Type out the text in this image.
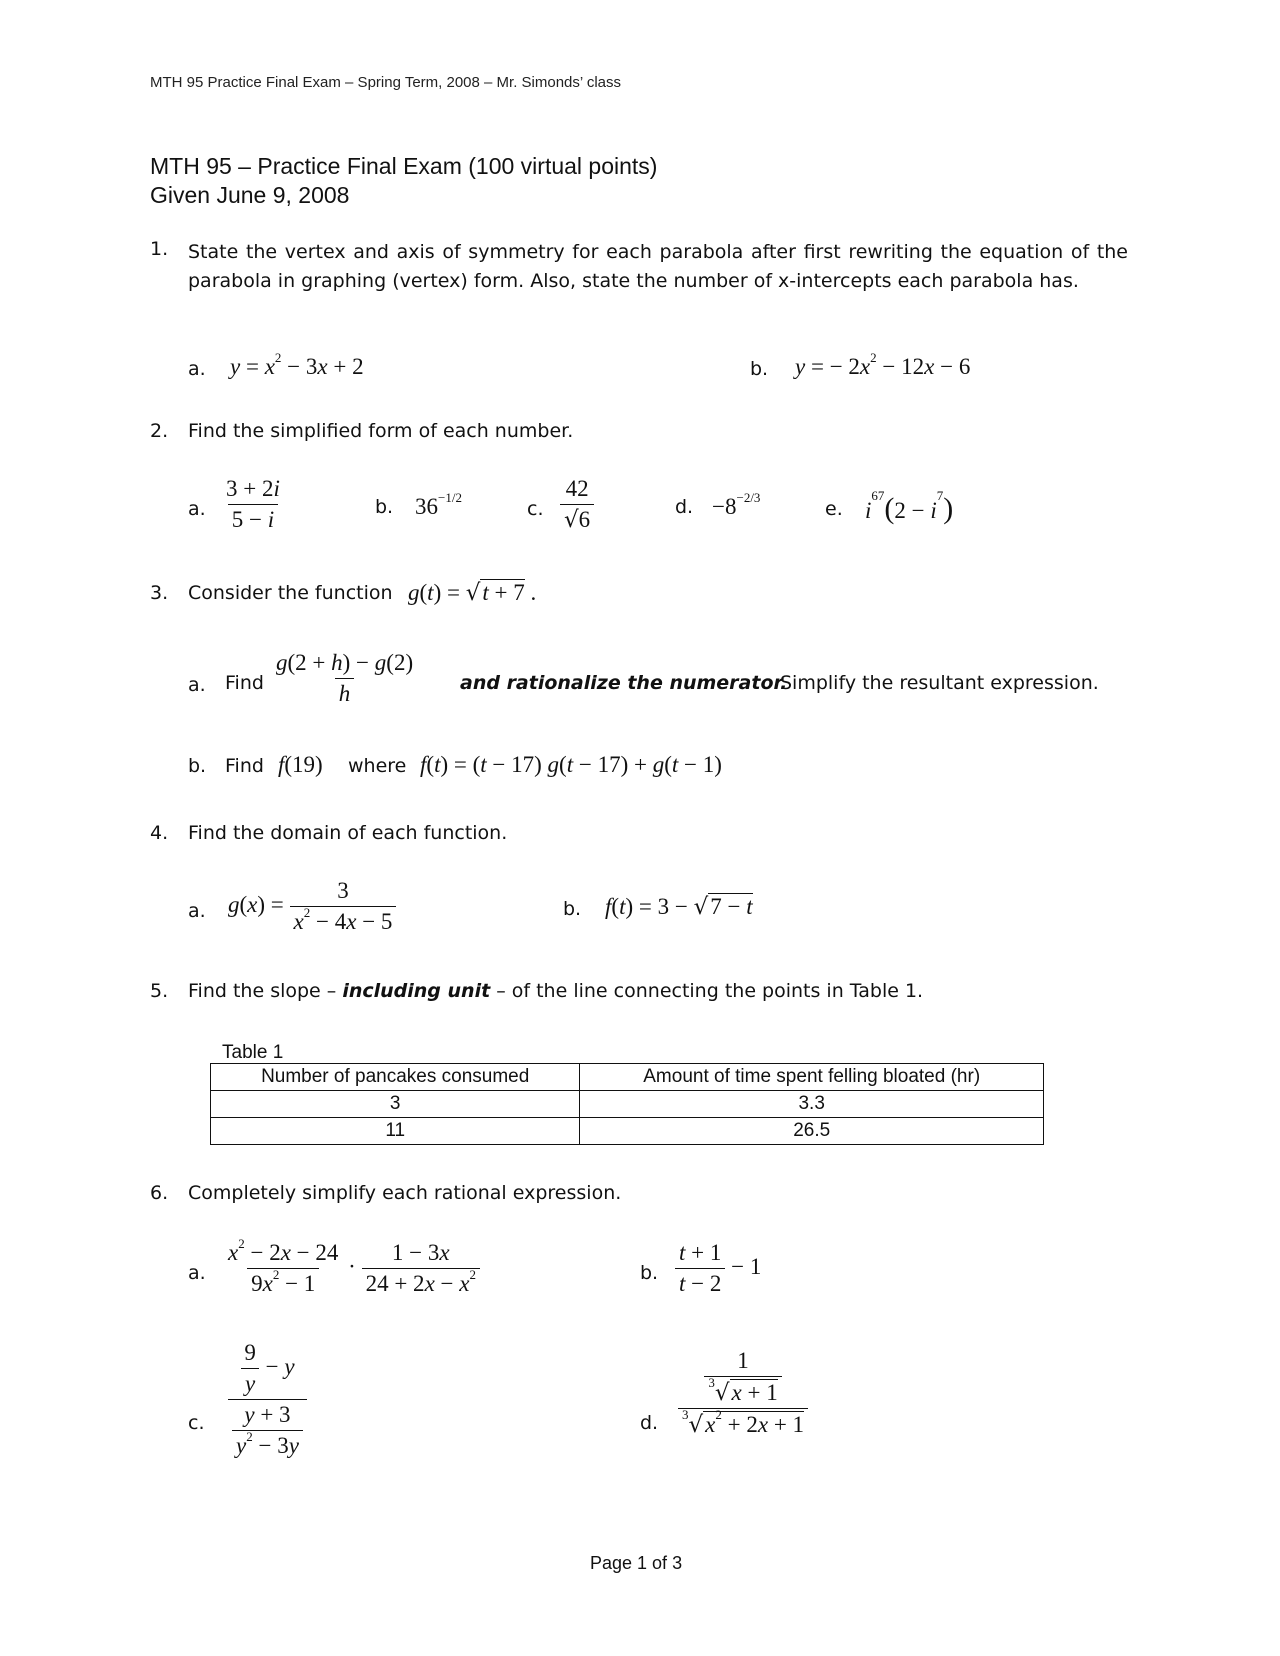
MTH 95 Practice Final Exam – Spring Term, 2008 – Mr. Simonds’ class
MTH 95 – Practice Final Exam (100 virtual points)
Given June 9, 2008
1. State the vertex and axis of symmetry for each parabola after first rewriting the equation of the parabola in graphing (vertex) form. Also, state the number of x-intercepts each parabola has.
a. $y = x^2 - 3x + 2$	b. y = − $2x^2 - 12x - 6$
2. Find the simplified form of each number.
a. $\frac{3 + 2i}{5 - i}$	b. $36^{-1/2}$
c. $\frac{42}{√6}$	d. $-8^{-2/3}$
e. $i^{67}(2 - i^7)$
3. Consider the function g(t) = √t + 7 .
a. Find $\frac{g(2 + h) - g(2)}{h}$ and rationalize the numerator.
Simplify the resultant expression.
b. Find f(19) where f(t) = (t − 17) g(t − 17) + g(t − 1)
4. Find the domain of each function.
a. $g(x) = \frac{3}{x^2 - 4x - 5}$	b. f(t) = 3 − √7 − t
5. Find the slope – including unit – of the line connecting the points in Table 1.
Table 1
Number of pancakes consumed	Amount of time spent felling bloated (hr)
3	3.3
11	26.5
6. Completely simplify each rational expression.
a. $\frac{x^2 - 2x - 24}{9x^2 - 1} \cdot \frac{1 - 3x}{24 + 2x - x^2}$	b. $\frac{t + 1}{t - 2} - 1$
c. $\frac{\frac{9}{y} - y}{\frac{y + 3}{y^2 - 3y}}$	d. $\frac{\frac{1}{^3√x + 1}}{^3√x^2 + 2x + 1}$
Page 1 of 3
